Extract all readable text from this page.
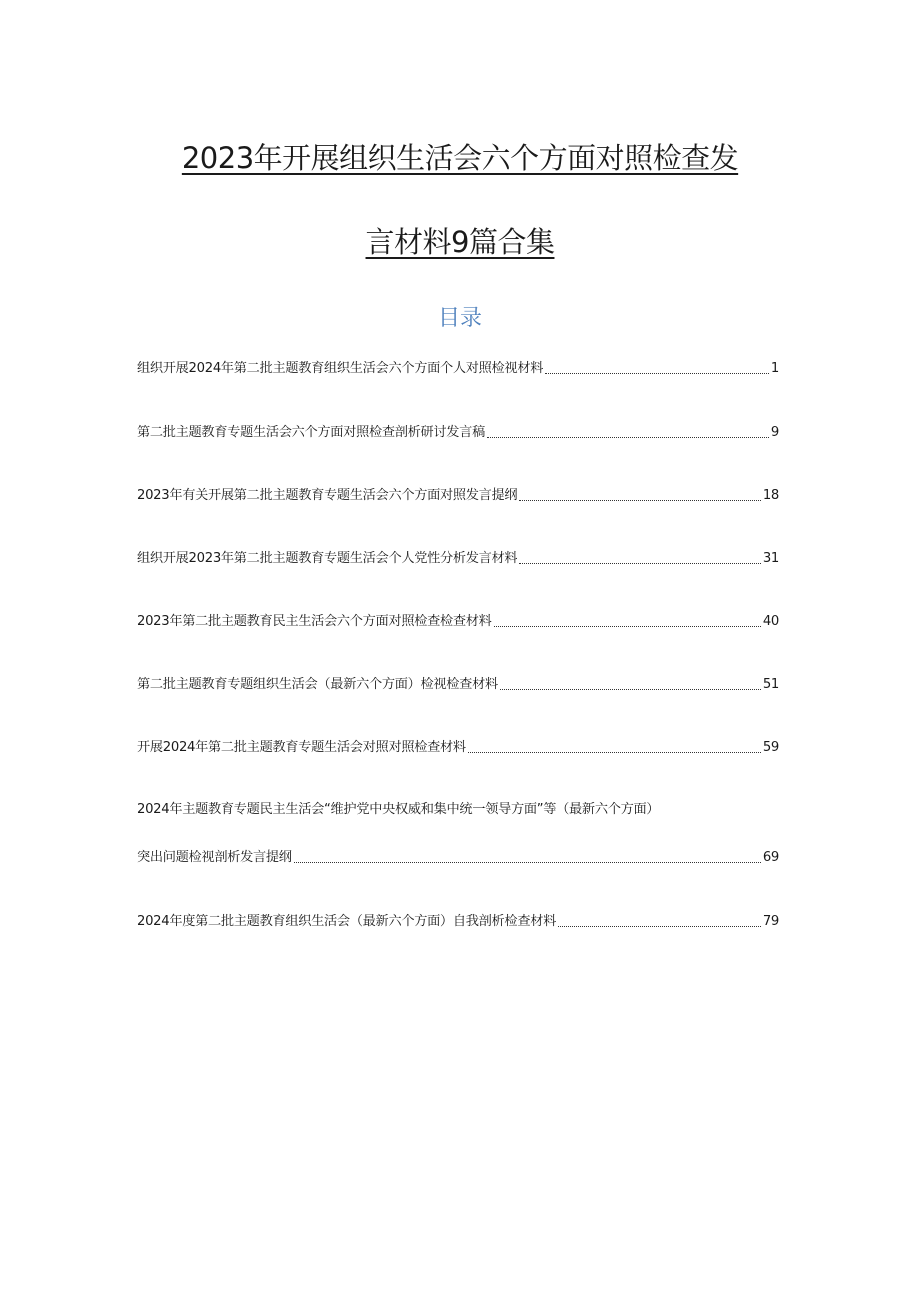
2023年开展组织生活会六个方面对照检查发
言材料9篇合集
目录
组织开展2024年第二批主题教育组织生活会六个方面个人对照检视材料	1
第二批主题教育专题生活会六个方面对照检查剖析研讨发言稿	9
2023年有关开展第二批主题教育专题生活会六个方面对照发言提纲	18
组织开展2023年第二批主题教育专题生活会个人党性分析发言材料	31
2023年第二批主题教育民主生活会六个方面对照检查检查材料	40
第二批主题教育专题组织生活会（最新六个方面）检视检查材料	51
开展2024年第二批主题教育专题生活会对照对照检查材料	59
2024年主题教育专题民主生活会“维护党中央权威和集中统一领导方面”等（最新六个方面）
突出问题检视剖析发言提纲	69
2024年度第二批主题教育组织生活会（最新六个方面）自我剖析检查材料	79
